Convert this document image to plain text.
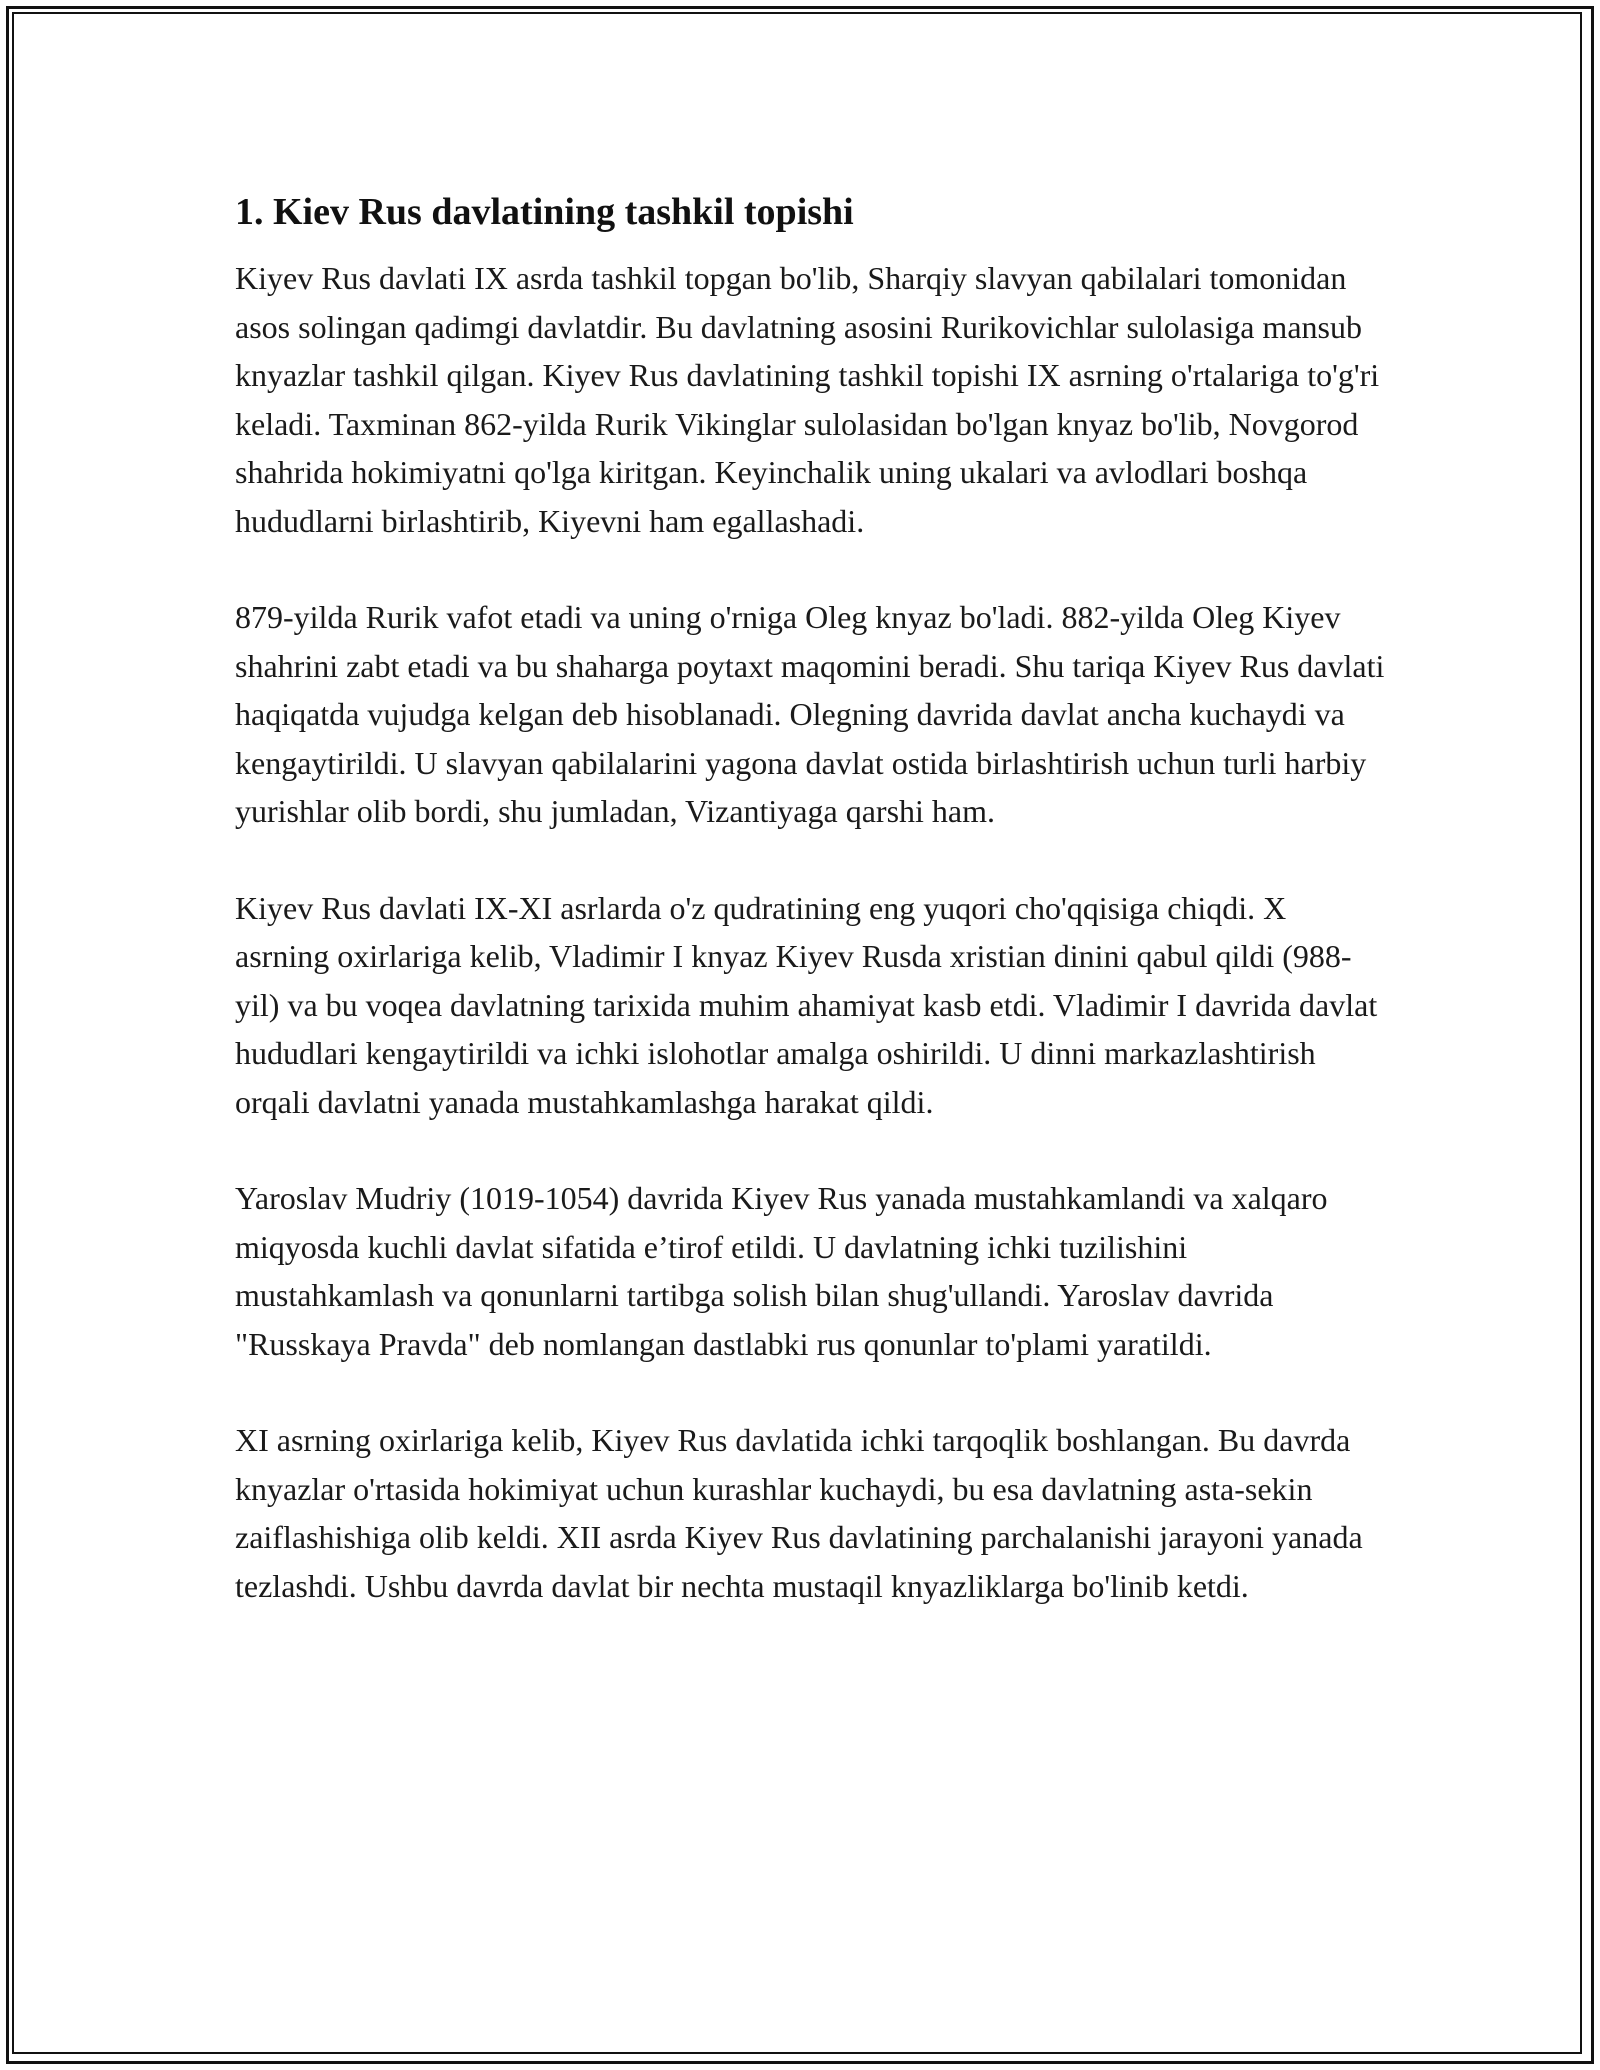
1. Kiev Rus davlatining tashkil topishi

Kiyev Rus davlati IX asrda tashkil topgan bo'lib, Sharqiy slavyan qabilalari tomonidan asos solingan qadimgi davlatdir. Bu davlatning asosini Rurikovichlar sulolasiga mansub knyazlar tashkil qilgan. Kiyev Rus davlatining tashkil topishi IX asrning o'rtalariga to'g'ri keladi. Taxminan 862-yilda Rurik Vikinglar sulolasidan bo'lgan knyaz bo'lib, Novgorod shahrida hokimiyatni qo'lga kiritgan. Keyinchalik uning ukalari va avlodlari boshqa hududlarni birlashtirib, Kiyevni ham egallashadi.

879-yilda Rurik vafot etadi va uning o'rniga Oleg knyaz bo'ladi. 882-yilda Oleg Kiyev shahrini zabt etadi va bu shaharga poytaxt maqomini beradi. Shu tariqa Kiyev Rus davlati haqiqatda vujudga kelgan deb hisoblanadi. Olegning davrida davlat ancha kuchaydi va kengaytirildi. U slavyan qabilalarini yagona davlat ostida birlashtirish uchun turli harbiy yurishlar olib bordi, shu jumladan, Vizantiyaga qarshi ham.

Kiyev Rus davlati IX-XI asrlarda o'z qudratining eng yuqori cho'qqisiga chiqdi. X asrning oxirlariga kelib, Vladimir I knyaz Kiyev Rusda xristian dinini qabul qildi (988-yil) va bu voqea davlatning tarixida muhim ahamiyat kasb etdi. Vladimir I davrida davlat hududlari kengaytirildi va ichki islohotlar amalga oshirildi. U dinni markazlashtirish orqali davlatni yanada mustahkamlashga harakat qildi.

Yaroslav Mudriy (1019-1054) davrida Kiyev Rus yanada mustahkamlandi va xalqaro miqyosda kuchli davlat sifatida e’tirof etildi. U davlatning ichki tuzilishini mustahkamlash va qonunlarni tartibga solish bilan shug'ullandi. Yaroslav davrida "Russkaya Pravda" deb nomlangan dastlabki rus qonunlar to'plami yaratildi.

XI asrning oxirlariga kelib, Kiyev Rus davlatida ichki tarqoqlik boshlangan. Bu davrda knyazlar o'rtasida hokimiyat uchun kurashlar kuchaydi, bu esa davlatning asta-sekin zaiflashishiga olib keldi. XII asrda Kiyev Rus davlatining parchalanishi jarayoni yanada tezlashdi. Ushbu davrda davlat bir nechta mustaqil knyazliklarga bo'linib ketdi.
